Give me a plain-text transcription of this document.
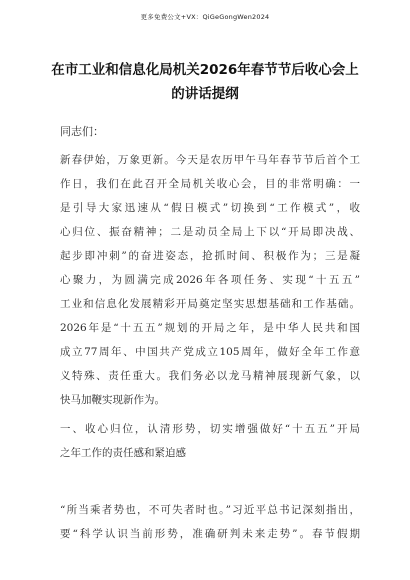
更多免费公文+VX：QiGeGongWen2024
在市工业和信息化局机关2026年春节节后收心会上
的讲话提纲
同志们：
新春伊始，万象更新。今天是农历甲午马年春节节后首个工
作日，我们在此召开全局机关收心会，目的非常明确：一
是引导大家迅速从“假日模式”切换到“工作模式”，收
心归位、振奋精神；二是动员全局上下以“开局即决战、
起步即冲刺”的奋进姿态，抢抓时间、积极作为；三是凝
心聚力，为圆满完成2026年各项任务、实现“十五五”
工业和信息化发展精彩开局奠定坚实思想基础和工作基础。
2026年是“十五五”规划的开局之年，是中华人民共和国
成立77周年、中国共产党成立105周年，做好全年工作意
义特殊、责任重大。我们务必以龙马精神展现新气象，以
快马加鞭实现新作为。
一、收心归位，认清形势，切实增强做好“十五五”开局
之年工作的责任感和紧迫感
“所当乘者势也，不可失者时也。”习近平总书记深刻指出，
要“科学认识当前形势，准确研判未来走势”。春节假期
